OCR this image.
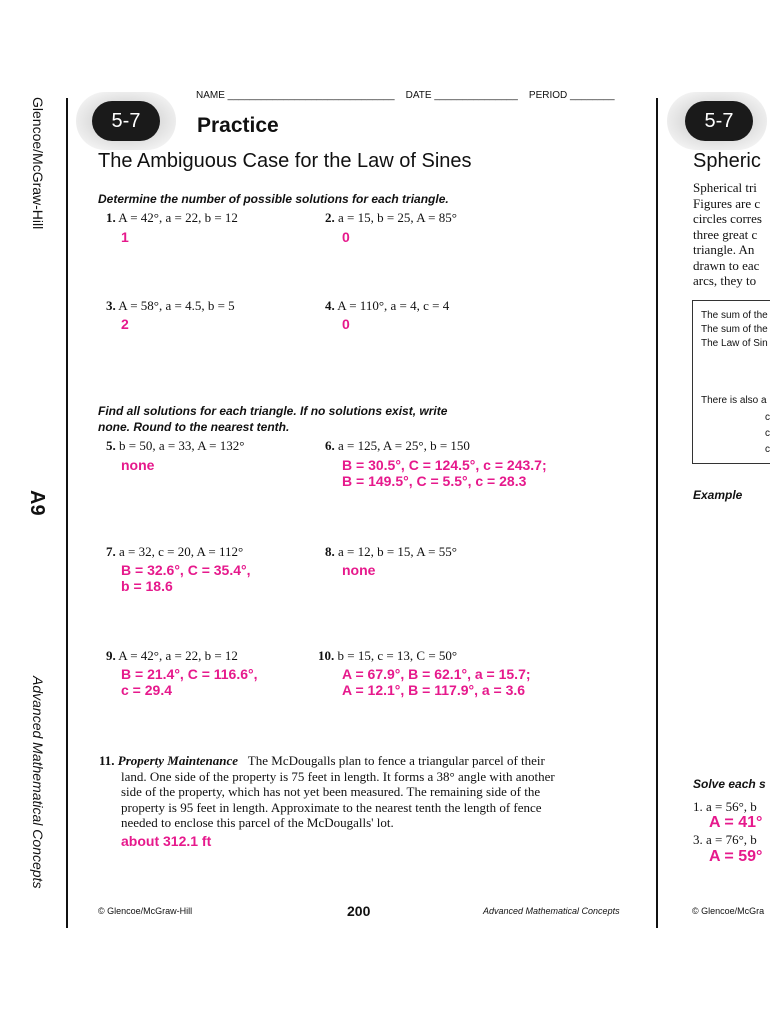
Glencoe/McGraw-Hill
A9
Advanced Mathematical Concepts
NAME ______________________________ DATE _______________ PERIOD ________
5-7	Practice
The Ambiguous Case for the Law of Sines
Determine the number of possible solutions for each triangle.
1. A = 42°, a = 22, b = 12
1
2. a = 15, b = 25, A = 85°
0
3. A = 58°, a = 4.5, b = 5
2
4. A = 110°, a = 4, c = 4
0
Find all solutions for each triangle. If no solutions exist, write
none. Round to the nearest tenth.
5. b = 50, a = 33, A = 132°
none
6. a = 125, A = 25°, b = 150
B = 30.5°, C = 124.5°, c = 243.7;
B = 149.5°, C = 5.5°, c = 28.3
7. a = 32, c = 20, A = 112°
B = 32.6°, C = 35.4°,
b = 18.6
8. a = 12, b = 15, A = 55°
none
9. A = 42°, a = 22, b = 12
B = 21.4°, C = 116.6°,
c = 29.4
10. b = 15, c = 13, C = 50°
A = 67.9°, B = 62.1°, a = 15.7;
A = 12.1°, B = 117.9°, a = 3.6
11. Property Maintenance The McDougalls plan to fence a triangular parcel of their
land. One side of the property is 75 feet in length. It forms a 38° angle with another
side of the property, which has not yet been measured. The remaining side of the
property is 95 feet in length. Approximate to the nearest tenth the length of fence
needed to enclose this parcel of the McDougalls' lot.
about 312.1 ft
© Glencoe/McGraw-Hill	200	Advanced Mathematical Concepts
5-7
Spheric
Spherical tri
Figures are c
circles corres
three great c
triangle. An
drawn to eac
arcs, they to
The sum of the
The sum of the
The Law of Sin
There is also a
c
c
c
Example
Solve each s
1. a = 56°, b
A = 41°
3. a = 76°, b
A = 59°
© Glencoe/McGra
